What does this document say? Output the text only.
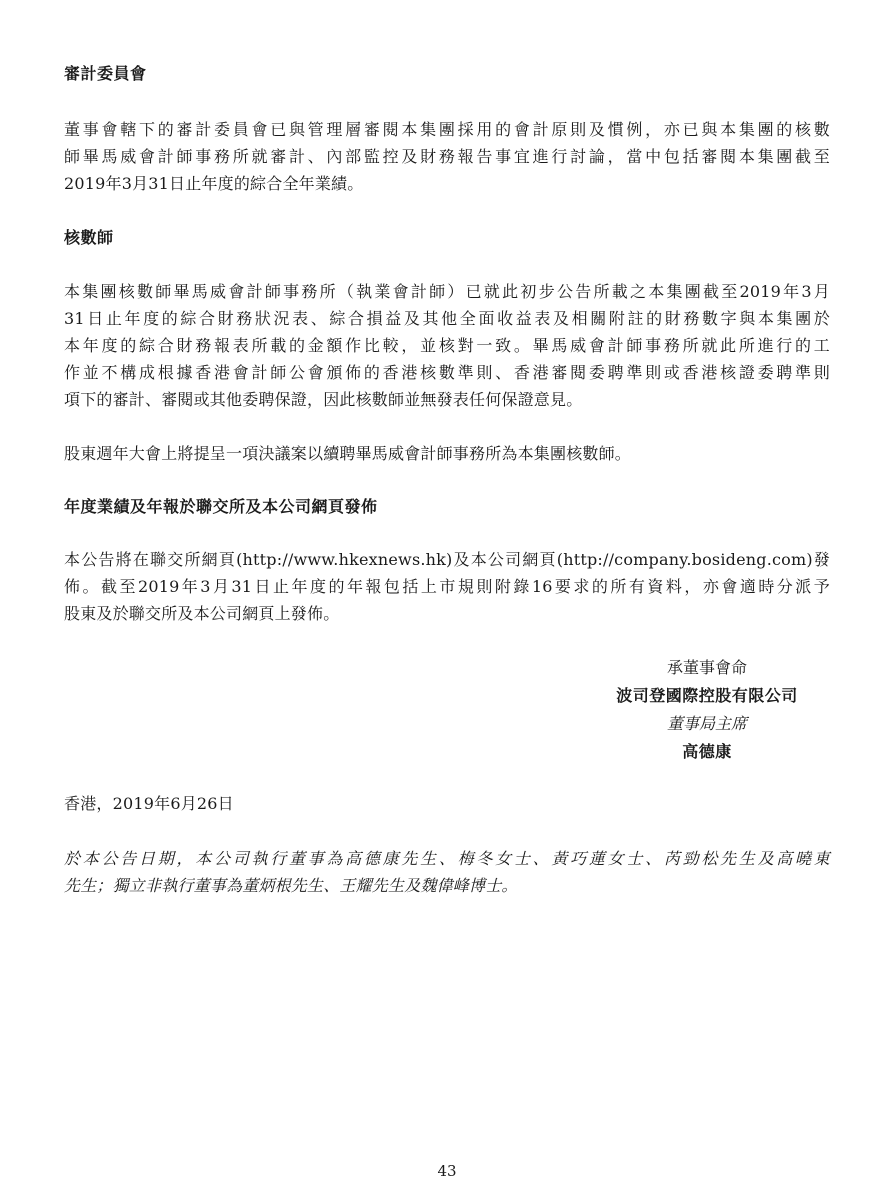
審計委員會
董事會轄下的審計委員會已與管理層審閱本集團採用的會計原則及慣例，亦已與本集團的核數
師畢馬威會計師事務所就審計、內部監控及財務報告事宜進行討論，當中包括審閱本集團截至
2019年3月31日止年度的綜合全年業績。
核數師
本集團核數師畢馬威會計師事務所（執業會計師）已就此初步公告所載之本集團截至2019年3月
31日止年度的綜合財務狀況表、綜合損益及其他全面收益表及相關附註的財務數字與本集團於
本年度的綜合財務報表所載的金額作比較，並核對一致。畢馬威會計師事務所就此所進行的工
作並不構成根據香港會計師公會頒佈的香港核數準則、香港審閱委聘準則或香港核證委聘準則
項下的審計、審閱或其他委聘保證，因此核數師並無發表任何保證意見。
股東週年大會上將提呈一項決議案以續聘畢馬威會計師事務所為本集團核數師。
年度業績及年報於聯交所及本公司網頁發佈
本公告將在聯交所網頁(http://www.hkexnews.hk)及本公司網頁(http://company.bosideng.com)發
佈。截至2019年3月31日止年度的年報包括上市規則附錄16要求的所有資料，亦會適時分派予
股東及於聯交所及本公司網頁上發佈。
承董事會命
波司登國際控股有限公司
董事局主席
高德康
香港，2019年6月26日
於本公告日期，本公司執行董事為高德康先生、梅冬女士、黃巧蓮女士、芮勁松先生及高曉東
先生；獨立非執行董事為董炳根先生、王耀先生及魏偉峰博士。
43
